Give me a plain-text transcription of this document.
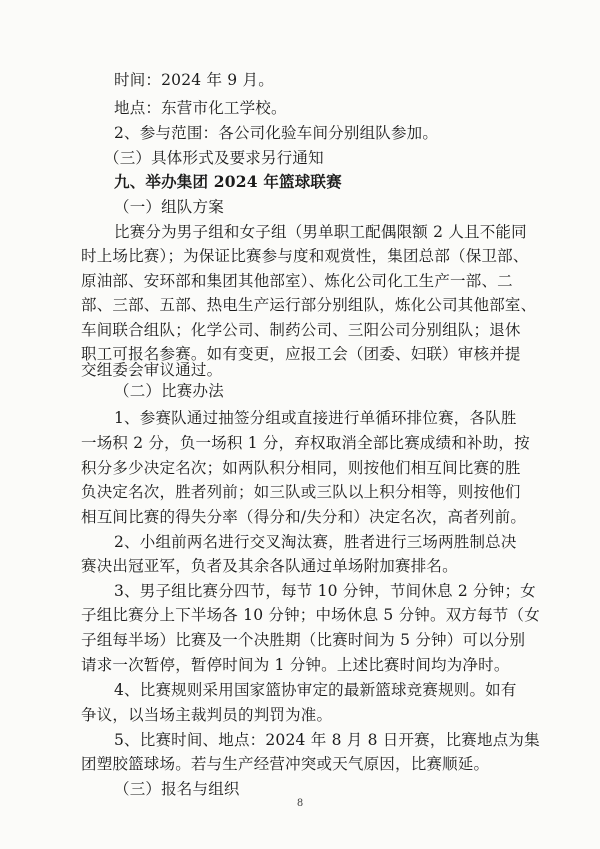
时间：2024 年 9 月。
地点：东营市化工学校。
2、参与范围：各公司化验车间分别组队参加。
（三）具体形式及要求另行通知
九、举办集团 2024 年篮球联赛
（一）组队方案
比赛分为男子组和女子组（男单职工配偶限额 2 人且不能同
时上场比赛）；为保证比赛参与度和观赏性，集团总部（保卫部、
原油部、安环部和集团其他部室）、炼化公司化工生产一部、二
部、三部、五部、热电生产运行部分别组队，炼化公司其他部室、
车间联合组队；化学公司、制药公司、三阳公司分别组队；退休
职工可报名参赛。如有变更，应报工会（团委、妇联）审核并提
交组委会审议通过。
（二）比赛办法
1、参赛队通过抽签分组或直接进行单循环排位赛，各队胜
一场积 2 分，负一场积 1 分，弃权取消全部比赛成绩和补助，按
积分多少决定名次；如两队积分相同，则按他们相互间比赛的胜
负决定名次，胜者列前；如三队或三队以上积分相等，则按他们
相互间比赛的得失分率（得分和/失分和）决定名次，高者列前。
2、小组前两名进行交叉淘汰赛，胜者进行三场两胜制总决
赛决出冠亚军，负者及其余各队通过单场附加赛排名。
3、男子组比赛分四节，每节 10 分钟，节间休息 2 分钟；女
子组比赛分上下半场各 10 分钟；中场休息 5 分钟。双方每节（女
子组每半场）比赛及一个决胜期（比赛时间为 5 分钟）可以分别
请求一次暂停，暂停时间为 1 分钟。上述比赛时间均为净时。
4、比赛规则采用国家篮协审定的最新篮球竞赛规则。如有
争议，以当场主裁判员的判罚为准。
5、比赛时间、地点：2024 年 8 月 8 日开赛，比赛地点为集
团塑胶篮球场。若与生产经营冲突或天气原因，比赛顺延。
（三）报名与组织
8
